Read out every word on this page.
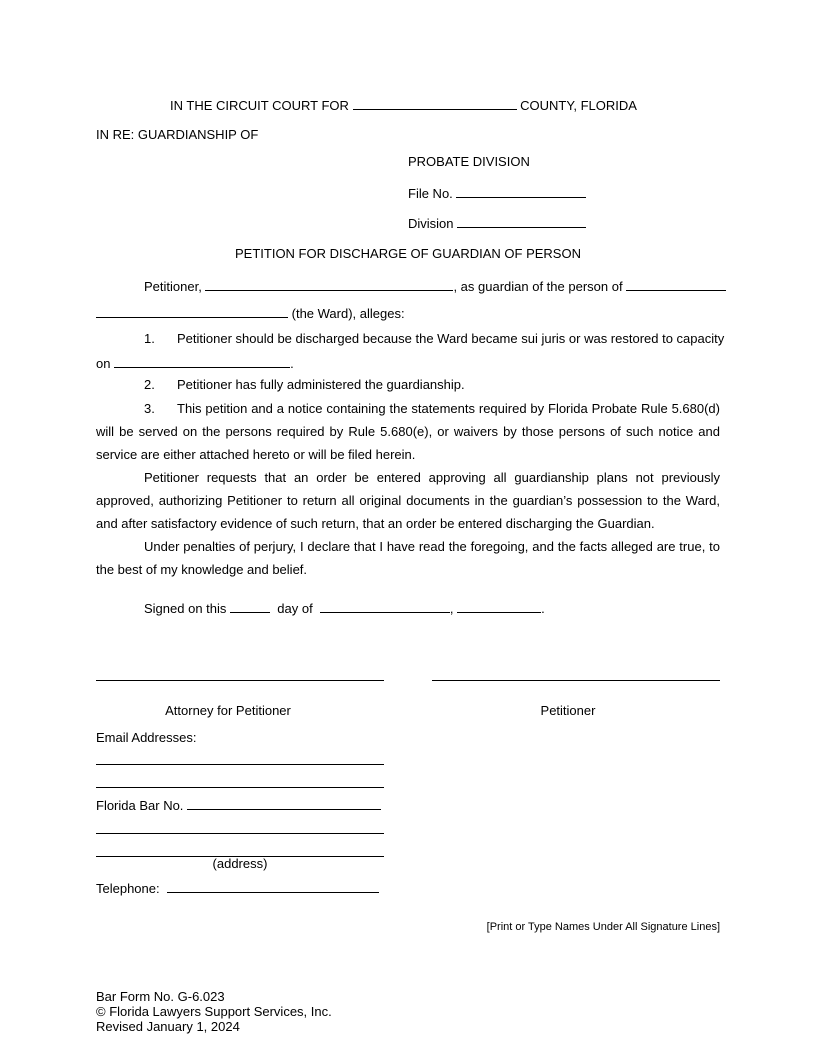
IN THE CIRCUIT COURT FOR	COUNTY, FLORIDA
IN RE: GUARDIANSHIP OF
PROBATE DIVISION
File No.
Division
PETITION FOR DISCHARGE OF GUARDIAN OF PERSON
Petitioner,	, as guardian of the person of
(the Ward), alleges:
1. Petitioner should be discharged because the Ward became sui juris or was restored to capacity
on	.
2. Petitioner has fully administered the guardianship.

3. This petition and a notice containing the statements required by Florida Probate Rule 5.680(d) will be served on the persons required by Rule 5.680(e), or waivers by those persons of such notice and service are either attached hereto or will be filed herein.

Petitioner requests that an order be entered approving all guardianship plans not previously approved, authorizing Petitioner to return all original documents in the guardian’s possession to the Ward, and after satisfactory evidence of such return, that an order be entered discharging the Guardian.

Under penalties of perjury, I declare that I have read the foregoing, and the facts alleged are true, to the best of my knowledge and belief.

Signed on this	day of	,	.
Attorney for Petitioner	Petitioner
Email Addresses:
Florida Bar No.
(address)
Telephone:
[Print or Type Names Under All Signature Lines]
Bar Form No. G-6.023
© Florida Lawyers Support Services, Inc.
Revised January 1, 2024
